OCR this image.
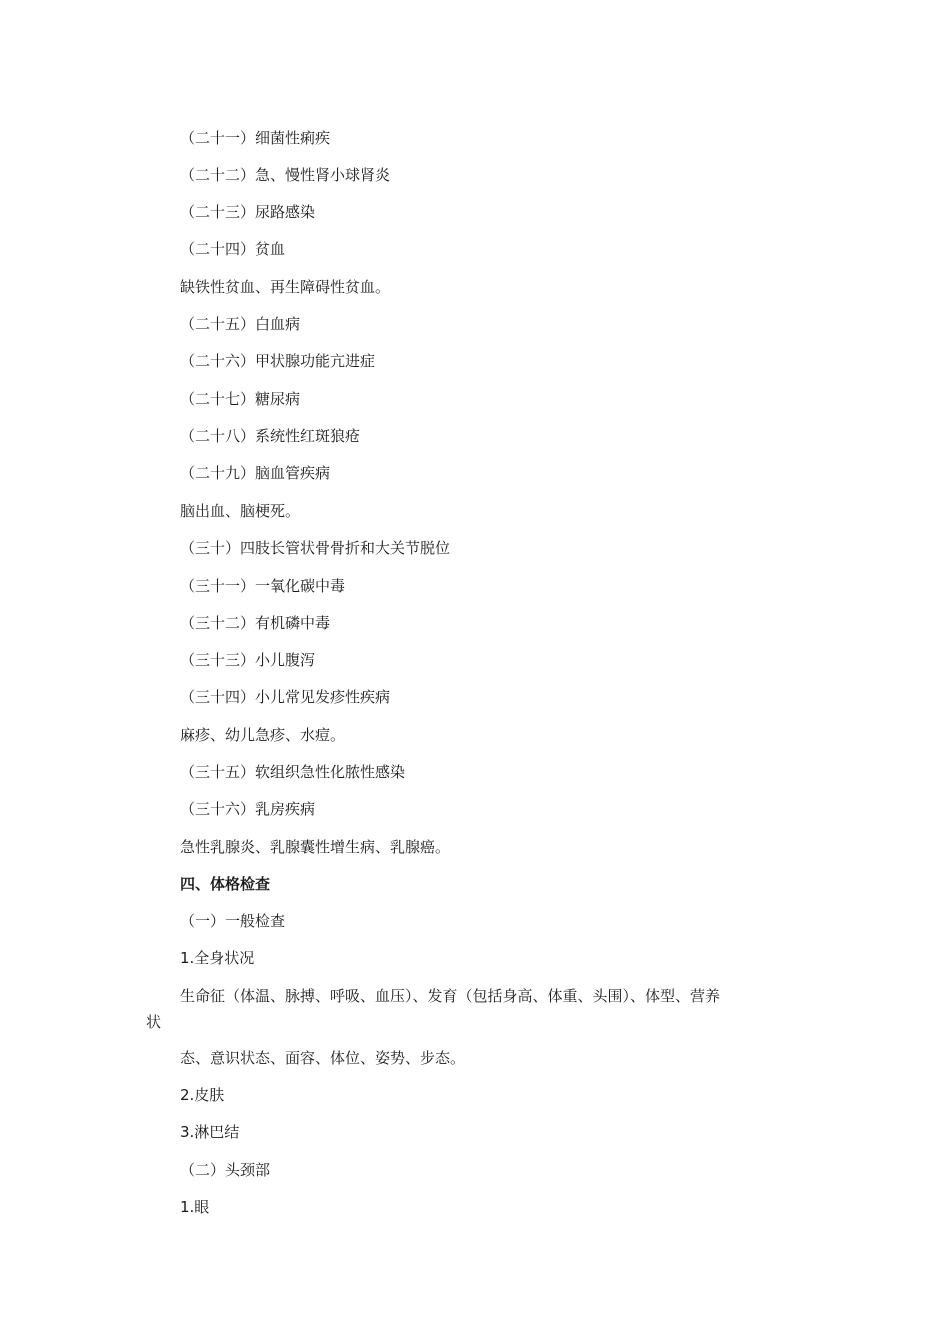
（二十一）细菌性痢疾
（二十二）急、慢性肾小球肾炎
（二十三）尿路感染
（二十四）贫血
缺铁性贫血、再生障碍性贫血。
（二十五）白血病
（二十六）甲状腺功能亢进症
（二十七）糖尿病
（二十八）系统性红斑狼疮
（二十九）脑血管疾病
脑出血、脑梗死。
（三十）四肢长管状骨骨折和大关节脱位
（三十一）一氧化碳中毒
（三十二）有机磷中毒
（三十三）小儿腹泻
（三十四）小儿常见发疹性疾病
麻疹、幼儿急疹、水痘。
（三十五）软组织急性化脓性感染
（三十六）乳房疾病
急性乳腺炎、乳腺囊性增生病、乳腺癌。
四、体格检查
（一）一般检查
1.全身状况
生命征（体温、脉搏、呼吸、血压）、发育（包括身高、体重、头围）、体型、营养
状
态、意识状态、面容、体位、姿势、步态。
2.皮肤
3.淋巴结
（二）头颈部
1.眼
